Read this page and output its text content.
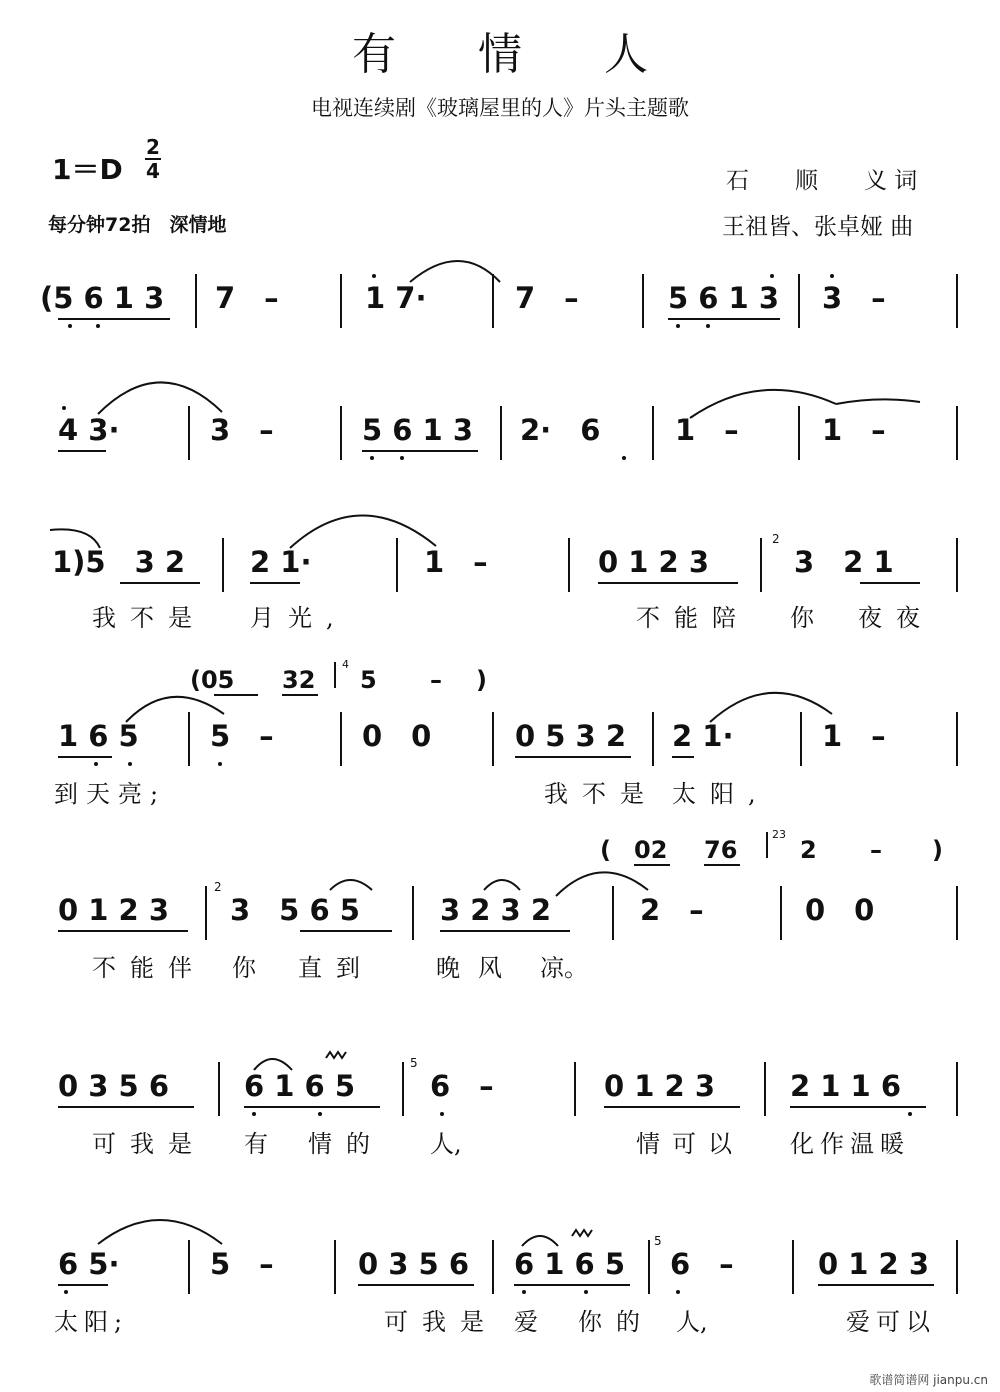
有 情 人
电视连续剧《玻璃屋里的人》片头主题歌
1＝D
2
4
每分钟72拍　深情地
石　　顺　　义 词
王祖皆、张卓娅 曲
(5 6 1 3 7　–	1 7·	7　–	5 6 1 3 3　–
4 3·	3　–	5 6 1 3 2·　6	1　–	1　–
1)5　3 2 2 1·	1　–	0 1 2 3
2
3　2 1
我不是 月光,	不能陪 你 夜夜
(05 32
4
5 – )
1 6 5 5　–	0　0	0 5 3 2 2 1·	1　–
到天亮;	我不是 太阳,
( 02 76
23
2 – )
0 1 2 3
2
3　5 6 5	3 2 3 2	2　–	0　0
不能伴 你 直到	晚风 凉。
0 3 5 6	6 1 6 5
5
6　–	0 1 2 3	2 1 1 6
可我是 有 情的 人,	情可以 化作温暖
6 5·	5　–	0 3 5 6 6 1 6 5
5
6　–	0 1 2 3
太阳;	可我是 爱 你的 人,	爱可以
歌谱简谱网 jianpu.cn
